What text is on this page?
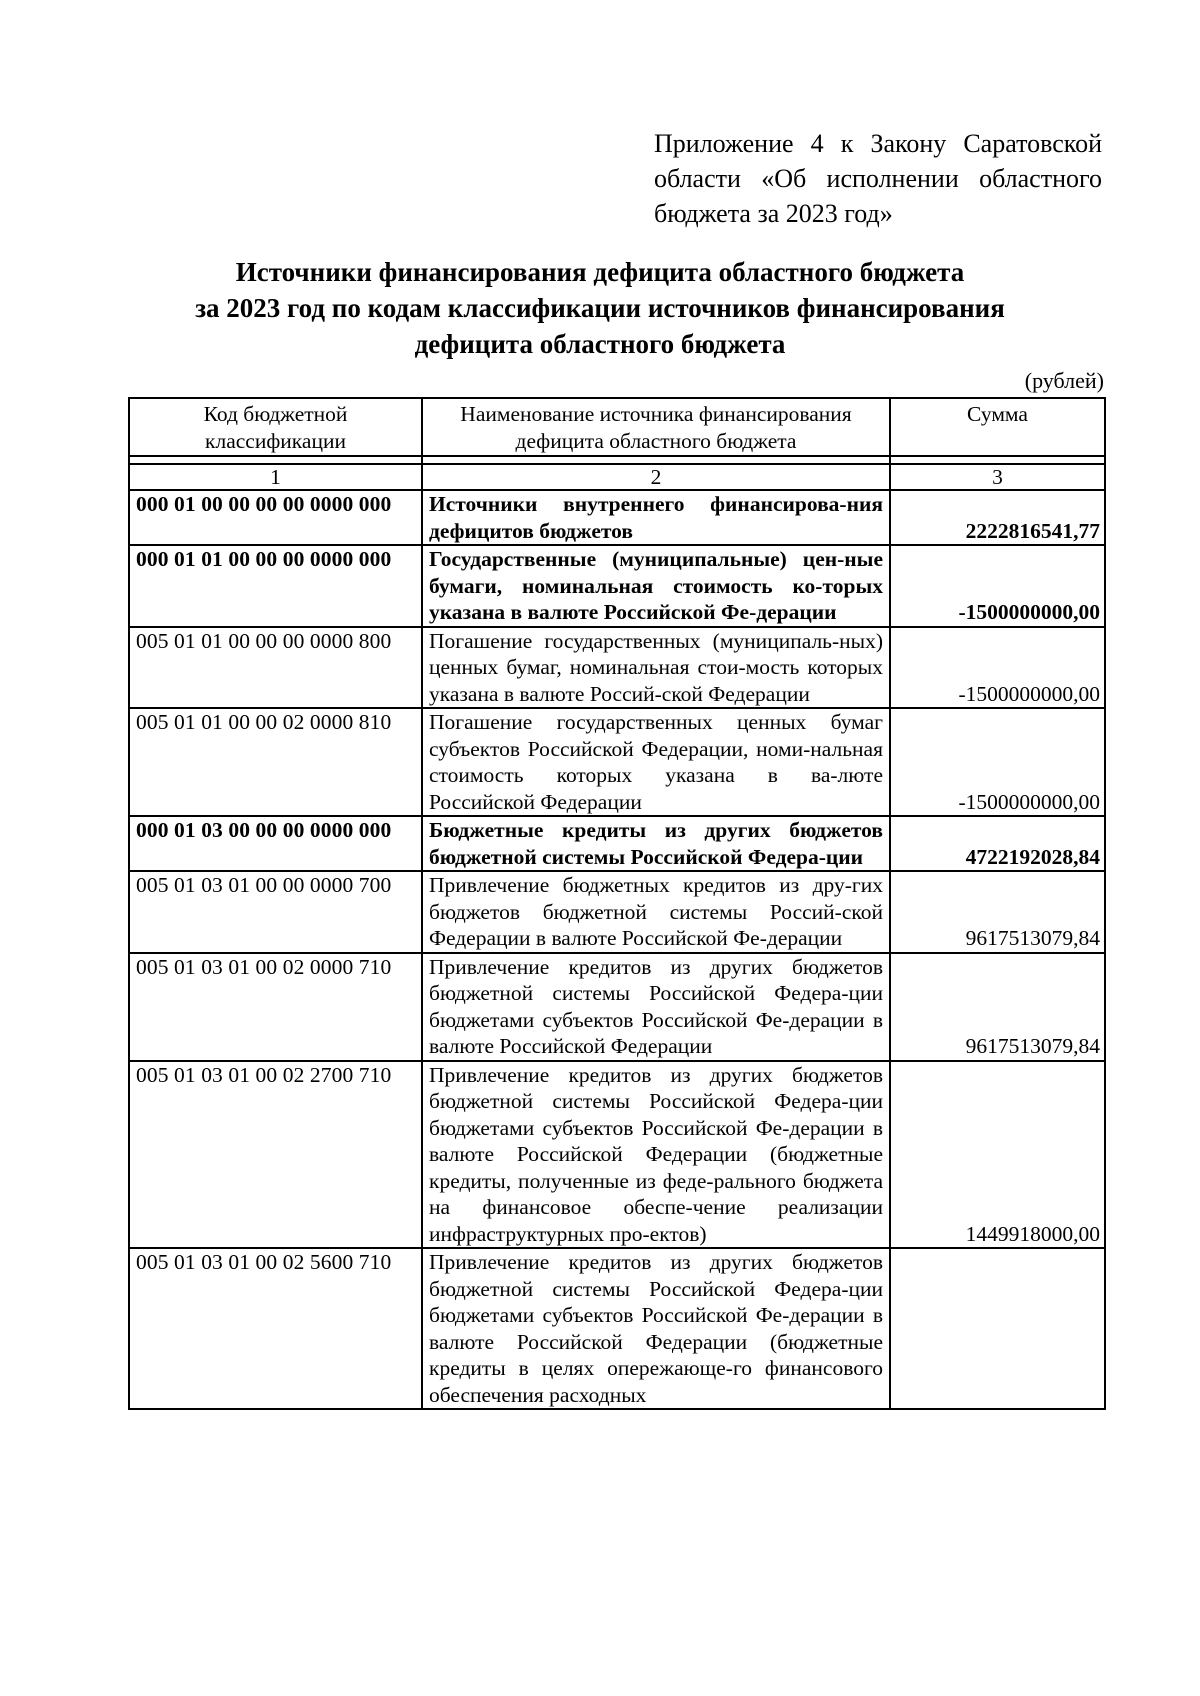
Приложение 4 к Закону Саратовской области «Об исполнении областного бюджета за 2023 год»
Источники финансирования дефицита областного бюджета
за 2023 год по кодам классификации источников финансирования
дефицита областного бюджета
(рублей)
Код бюджетной классификации	Наименование источника финансирования дефицита областного бюджета	Сумма

1	2	3
000 01 00 00 00 00 0000 000	Источники внутреннего финансирова-ния дефицитов бюджетов	2222816541,77
000 01 01 00 00 00 0000 000	Государственные (муниципальные) цен-ные бумаги, номинальная стоимость ко-торых указана в валюте Российской Фе-дерации	-1500000000,00
005 01 01 00 00 00 0000 800	Погашение государственных (муниципаль-ных) ценных бумаг, номинальная стои-мость которых указана в валюте Россий-ской Федерации	-1500000000,00
005 01 01 00 00 02 0000 810	Погашение государственных ценных бумаг субъектов Российской Федерации, номи-нальная стоимость которых указана в ва-люте Российской Федерации	-1500000000,00
000 01 03 00 00 00 0000 000	Бюджетные кредиты из других бюджетов бюджетной системы Российской Федера-ции	4722192028,84
005 01 03 01 00 00 0000 700	Привлечение бюджетных кредитов из дру-гих бюджетов бюджетной системы Россий-ской Федерации в валюте Российской Фе-дерации	9617513079,84
005 01 03 01 00 02 0000 710	Привлечение кредитов из других бюджетов бюджетной системы Российской Федера-ции бюджетами субъектов Российской Фе-дерации в валюте Российской Федерации	9617513079,84
005 01 03 01 00 02 2700 710	Привлечение кредитов из других бюджетов бюджетной системы Российской Федера-ции бюджетами субъектов Российской Фе-дерации в валюте Российской Федерации (бюджетные кредиты, полученные из феде-рального бюджета на финансовое обеспе-чение реализации инфраструктурных про-ектов)	1449918000,00
005 01 03 01 00 02 5600 710	Привлечение кредитов из других бюджетов бюджетной системы Российской Федера-ции бюджетами субъектов Российской Фе-дерации в валюте Российской Федерации (бюджетные кредиты в целях опережающе-го финансового обеспечения расходных	
